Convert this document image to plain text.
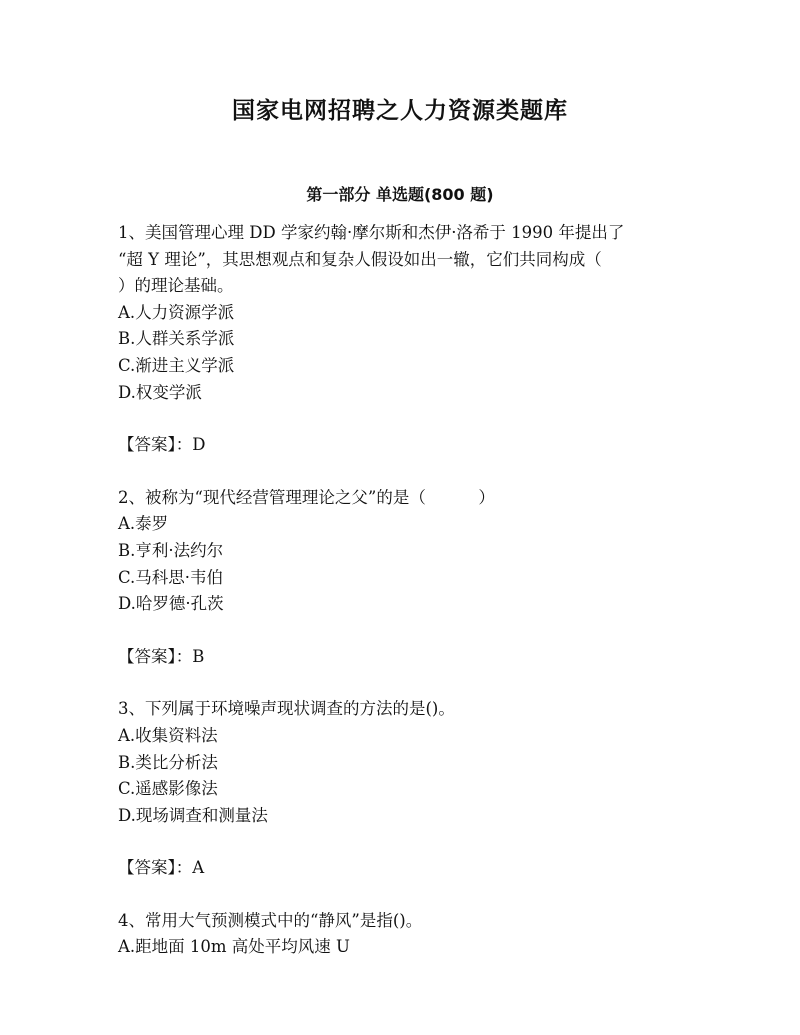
国家电网招聘之人力资源类题库
第一部分 单选题(800 题)

1、美国管理心理 DD 学家约翰·摩尔斯和杰伊·洛希于 1990 年提出了

“超 Y 理论”，其思想观点和复杂人假设如出一辙，它们共同构成（

）的理论基础。

A.人力资源学派

B.人群关系学派

C.渐进主义学派

D.权变学派

【答案】：D

2、被称为“现代经营管理理论之父”的是（          ）

A.泰罗

B.亨利·法约尔

C.马科思·韦伯

D.哈罗德·孔茨

【答案】：B

3、下列属于环境噪声现状调查的方法的是()。

A.收集资料法

B.类比分析法

C.遥感影像法

D.现场调查和测量法

【答案】：A

4、常用大气预测模式中的“静风”是指()。

A.距地面 10m 高处平均风速 U
